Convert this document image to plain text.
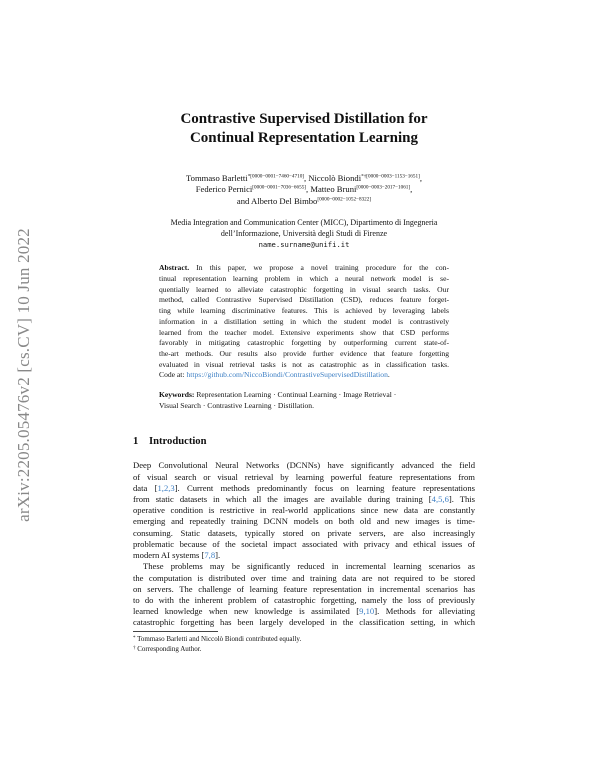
arXiv:2205.05476v2 [cs.CV] 10 Jun 2022
Contrastive Supervised Distillation for
Continual Representation Learning
Tommaso Barletti$^{*[0000-0001-7460-4710]}$, Niccolò Biondi$^{*\dagger[0000-0003-1153-1651]}$,
Federico Pernici[0000−0001−7036−6655], Matteo Bruni[0000−0003−2017−1061],
and Alberto Del Bimbo[0000−0002−1052−8322]
Media Integration and Communication Center (MICC), Dipartimento di Ingegneria
dell’Informazione, Università degli Studi di Firenze
name.surname@unifi.it
Abstract. In this paper, we propose a novel training procedure for the con-
tinual representation learning problem in which a neural network model is se-
quentially learned to alleviate catastrophic forgetting in visual search tasks. Our
method, called Contrastive Supervised Distillation (CSD), reduces feature forget-
ting while learning discriminative features. This is achieved by leveraging labels
information in a distillation setting in which the student model is contrastively
learned from the teacher model. Extensive experiments show that CSD performs
favorably in mitigating catastrophic forgetting by outperforming current state-of-
the-art methods. Our results also provide further evidence that feature forgetting
evaluated in visual retrieval tasks is not as catastrophic as in classification tasks.
Code at: https://github.com/NiccoBiondi/ContrastiveSupervisedDistillation.
Keywords: Representation Learning · Continual Learning · Image Retrieval ·
Visual Search · Contrastive Learning · Distillation.
1 Introduction
Deep Convolutional Neural Networks (DCNNs) have significantly advanced the field
of visual search or visual retrieval by learning powerful feature representations from
data [1,2,3]. Current methods predominantly focus on learning feature representations
from static datasets in which all the images are available during training [4,5,6]. This
operative condition is restrictive in real-world applications since new data are constantly
emerging and repeatedly training DCNN models on both old and new images is time-
consuming. Static datasets, typically stored on private servers, are also increasingly
problematic because of the societal impact associated with privacy and ethical issues of
modern AI systems [7,8].
These problems may be significantly reduced in incremental learning scenarios as
the computation is distributed over time and training data are not required to be stored
on servers. The challenge of learning feature representation in incremental scenarios has
to do with the inherent problem of catastrophic forgetting, namely the loss of previously
learned knowledge when new knowledge is assimilated [9,10]. Methods for alleviating
catastrophic forgetting has been largely developed in the classification setting, in which
* Tommaso Barletti and Niccolò Biondi contributed equally.
† Corresponding Author.
